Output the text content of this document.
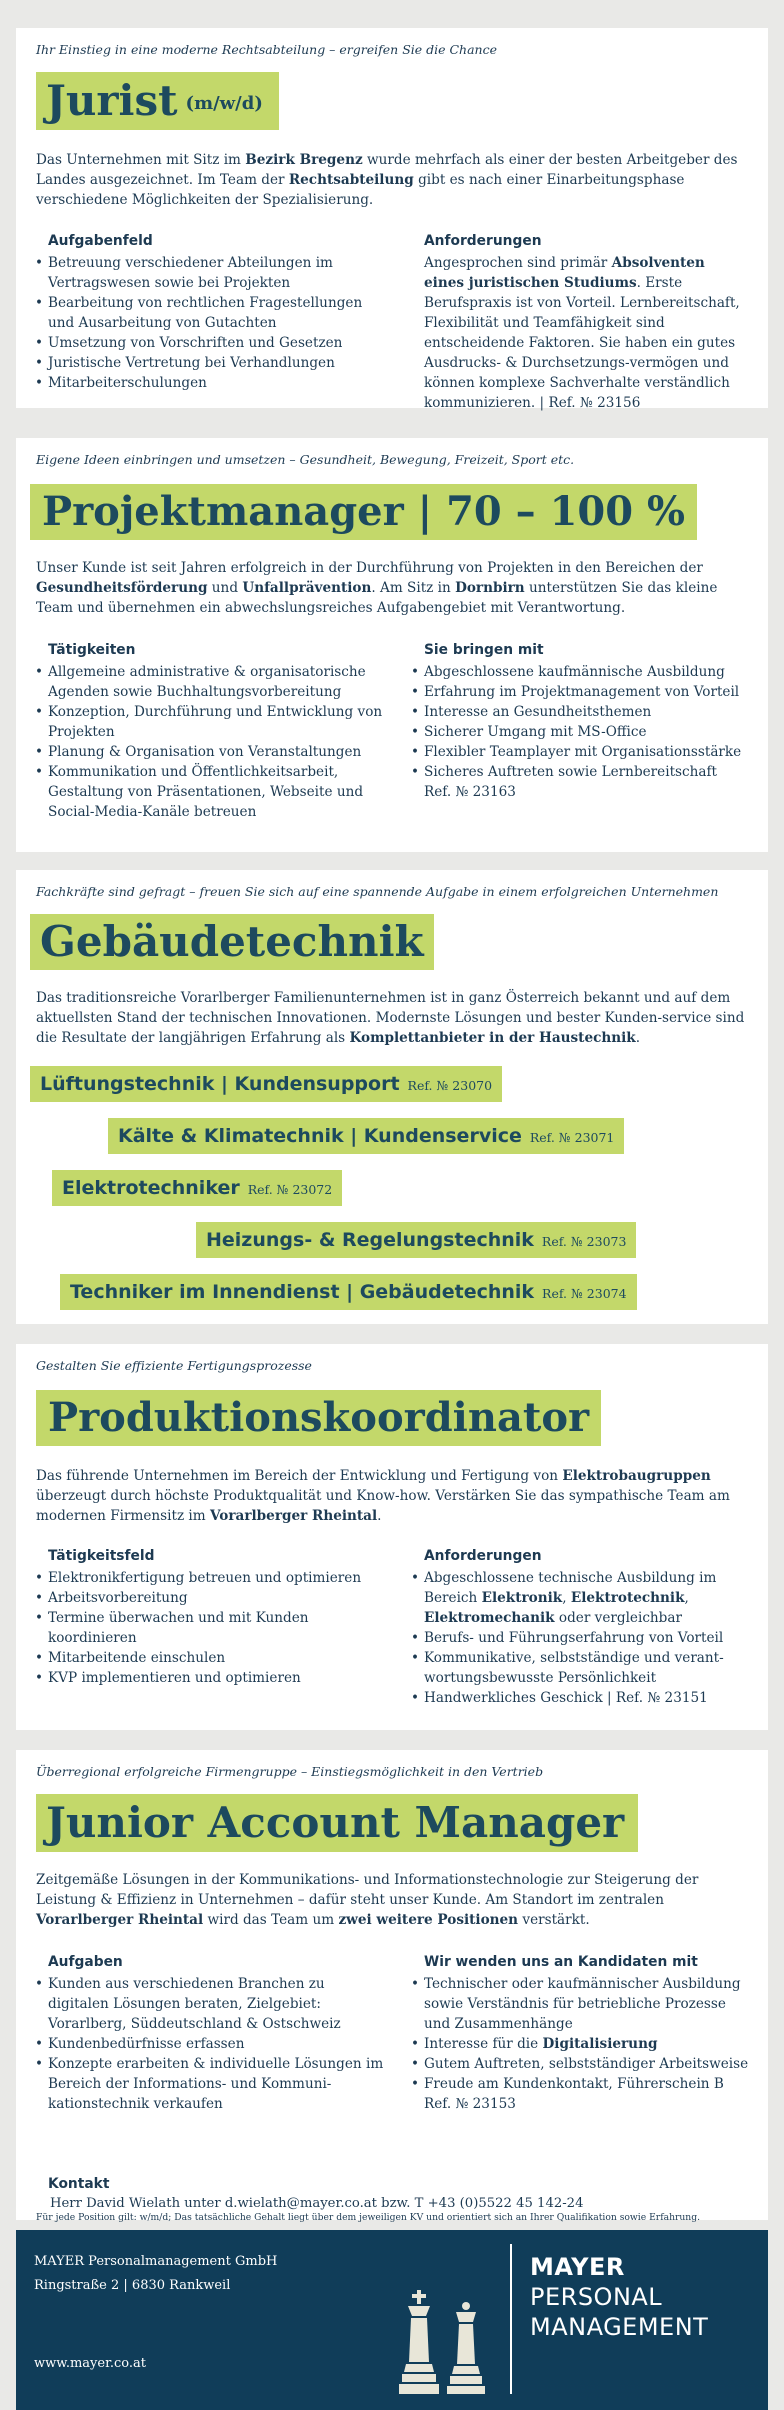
Ihr Einstieg in eine moderne Rechtsabteilung – ergreifen Sie die Chance
Jurist (m/w/d)
Das Unternehmen mit Sitz im Bezirk Bregenz wurde mehrfach als einer der besten Arbeitgeber des Landes ausgezeichnet. Im Team der Rechtsabteilung gibt es nach einer Einarbeitungsphase verschiedene Möglichkeiten der Spezialisierung.
Aufgabenfeld
• Betreuung verschiedener Abteilungen im Vertragswesen sowie bei Projekten
• Bearbeitung von rechtlichen Fragestellungen und Ausarbeitung von Gutachten
• Umsetzung von Vorschriften und Gesetzen
• Juristische Vertretung bei Verhandlungen
• Mitarbeiterschulungen
Anforderungen

Angesprochen sind primär Absolventen eines juristischen Studiums. Erste Berufspraxis ist von Vorteil. Lernbereitschaft, Flexibilität und Teamfähigkeit sind entscheidende Faktoren. Sie haben ein gutes Ausdrucks- & Durchsetzungs-vermögen und können komplexe Sachverhalte verständlich kommunizieren. | Ref. № 23156

Eigene Ideen einbringen und umsetzen – Gesundheit, Bewegung, Freizeit, Sport etc.
Projektmanager | 70 – 100 %
Unser Kunde ist seit Jahren erfolgreich in der Durchführung von Projekten in den Bereichen der Gesundheitsförderung und Unfallprävention. Am Sitz in Dornbirn unterstützen Sie das kleine Team und übernehmen ein abwechslungsreiches Aufgabengebiet mit Verantwortung.
Tätigkeiten
• Allgemeine administrative & organisatorische Agenden sowie Buchhaltungsvorbereitung
• Konzeption, Durchführung und Entwicklung von Projekten
• Planung & Organisation von Veranstaltungen
• Kommunikation und Öffentlichkeitsarbeit, Gestaltung von Präsentationen, Webseite und Social-Media-Kanäle betreuen
Sie bringen mit
• Abgeschlossene kaufmännische Ausbildung
• Erfahrung im Projektmanagement von Vorteil
• Interesse an Gesundheitsthemen
• Sicherer Umgang mit MS-Office
• Flexibler Teamplayer mit Organisationsstärke
• Sicheres Auftreten sowie Lernbereitschaft

Ref. № 23163

Fachkräfte sind gefragt – freuen Sie sich auf eine spannende Aufgabe in einem erfolgreichen Unternehmen
Gebäudetechnik
Das traditionsreiche Vorarlberger Familienunternehmen ist in ganz Österreich bekannt und auf dem aktuellsten Stand der technischen Innovationen. Modernste Lösungen und bester Kunden-service sind die Resultate der langjährigen Erfahrung als Komplettanbieter in der Haustechnik.
Lüftungstechnik | Kundensupport Ref. № 23070
Kälte & Klimatechnik | Kundenservice Ref. № 23071
Elektrotechniker Ref. № 23072
Heizungs- & Regelungstechnik Ref. № 23073
Techniker im Innendienst | Gebäudetechnik Ref. № 23074
Gestalten Sie effiziente Fertigungsprozesse
Produktionskoordinator
Das führende Unternehmen im Bereich der Entwicklung und Fertigung von Elektrobaugruppen überzeugt durch höchste Produktqualität und Know-how. Verstärken Sie das sympathische Team am modernen Firmensitz im Vorarlberger Rheintal.
Tätigkeitsfeld
• Elektronikfertigung betreuen und optimieren
• Arbeitsvorbereitung
• Termine überwachen und mit Kunden koordinieren
• Mitarbeitende einschulen
• KVP implementieren und optimieren
Anforderungen
• Abgeschlossene technische Ausbildung im Bereich Elektronik, Elektrotechnik, Elektromechanik oder vergleichbar
• Berufs- und Führungserfahrung von Vorteil
• Kommunikative, selbstständige und verant-wortungsbewusste Persönlichkeit
• Handwerkliches Geschick | Ref. № 23151
Überregional erfolgreiche Firmengruppe – Einstiegsmöglichkeit in den Vertrieb
Junior Account Manager
Zeitgemäße Lösungen in der Kommunikations- und Informationstechnologie zur Steigerung der Leistung & Effizienz in Unternehmen – dafür steht unser Kunde. Am Standort im zentralen Vorarlberger Rheintal wird das Team um zwei weitere Positionen verstärkt.
Aufgaben
• Kunden aus verschiedenen Branchen zu digitalen Lösungen beraten, Zielgebiet: Vorarlberg, Süddeutschland & Ostschweiz
• Kundenbedürfnisse erfassen
• Konzepte erarbeiten & individuelle Lösungen im Bereich der Informations- und Kommuni-kationstechnik verkaufen
Wir wenden uns an Kandidaten mit
• Technischer oder kaufmännischer Ausbildung sowie Verständnis für betriebliche Prozesse und Zusammenhänge
• Interesse für die Digitalisierung
• Gutem Auftreten, selbstständiger Arbeitsweise
• Freude am Kundenkontakt, Führerschein B

Ref. № 23153

Kontakt
Herr David Wielath unter d.wielath@mayer.co.at bzw. T +43 (0)5522 45 142-24
Für jede Position gilt: w/m/d; Das tatsächliche Gehalt liegt über dem jeweiligen KV und orientiert sich an Ihrer Qualifikation sowie Erfahrung.
MAYER Personalmanagement GmbH
Ringstraße 2 | 6830 Rankweil
www.mayer.co.at
MAYER
PERSONAL
MANAGEMENT
